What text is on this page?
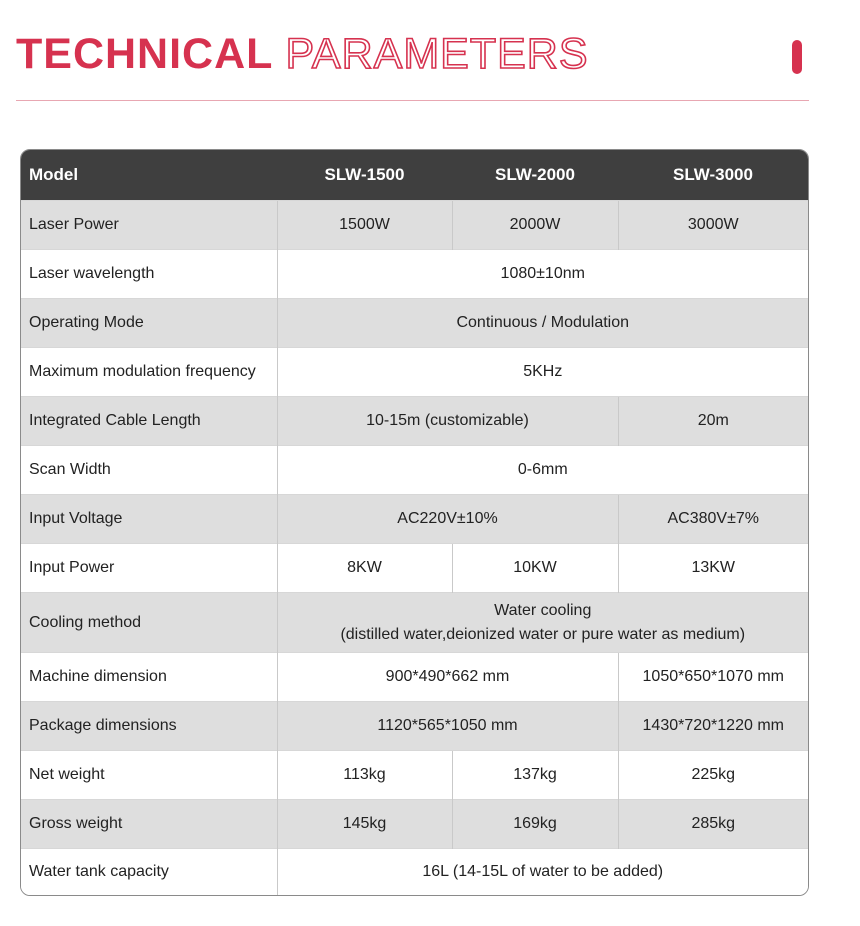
TECHNICAL PARAMETERS
Model	SLW-1500	SLW-2000	SLW-3000
Laser Power	1500W	2000W	3000W
Laser wavelength	1080±10nm		
Operating Mode	Continuous / Modulation		
Maximum modulation frequency	5KHz		
Integrated Cable Length	10-15m (customizable)		20m
Scan Width	0-6mm		
Input Voltage	AC220V±10%		AC380V±7%
Input Power	8KW	10KW	13KW
Cooling method	Water cooling
(distilled water,deionized water or pure water as medium)		

Machine dimension	900*490*662 mm		1050*650*1070 mm
Package dimensions	1120*565*1050 mm		1430*720*1220 mm
Net weight	113kg	137kg	225kg
Gross weight	145kg	169kg	285kg
Water tank capacity	16L (14-15L of water to be added)		
